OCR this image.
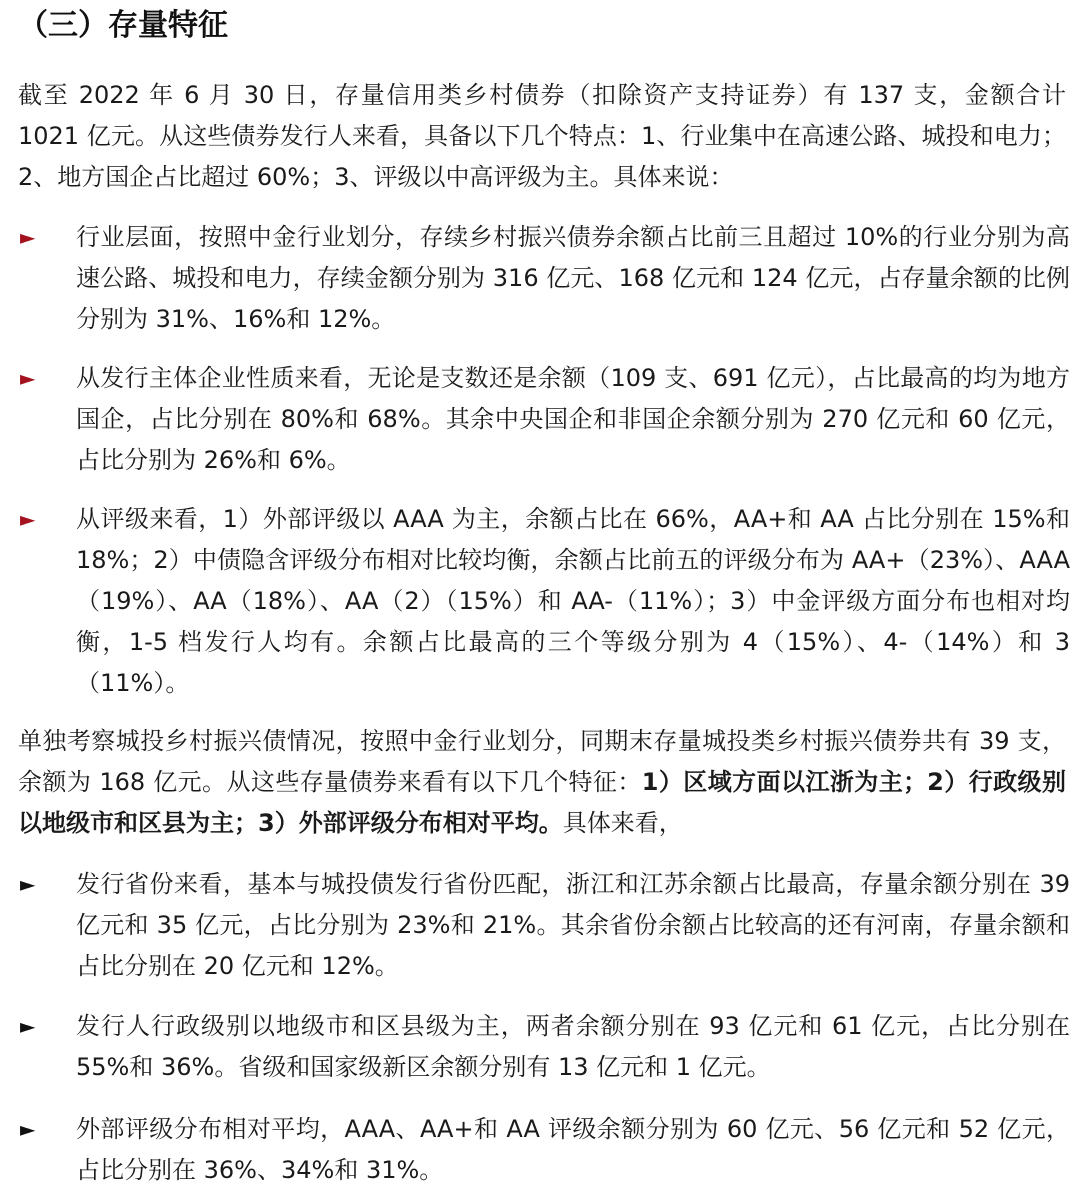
（三）存量特征
截至 2022 年 6 月 30 日，存量信用类乡村债券（扣除资产支持证券）有 137 支，金额合计 1021 亿元。从这些债券发行人来看，具备以下几个特点：1、行业集中在高速公路、城投和电力；2、地方国企占比超过 60%；3、评级以中高评级为主。具体来说：
► 行业层面，按照中金行业划分，存续乡村振兴债券余额占比前三且超过 10%的行业分别为高速公路、城投和电力，存续金额分别为 316 亿元、168 亿元和 124 亿元，占存量余额的比例分别为 31%、16%和 12%。
► 从发行主体企业性质来看，无论是支数还是余额（109 支、691 亿元），占比最高的均为地方国企，占比分别在 80%和 68%。其余中央国企和非国企余额分别为 270 亿元和 60 亿元，占比分别为 26%和 6%。
► 从评级来看，1）外部评级以 AAA 为主，余额占比在 66%，AA+和 AA 占比分别在 15%和 18%；2）中债隐含评级分布相对比较均衡，余额占比前五的评级分布为 AA+（23%）、AAA（19%）、AA（18%）、AA（2）（15%）和 AA-（11%）；3）中金评级方面分布也相对均衡，1-5 档发行人均有。余额占比最高的三个等级分别为 4（15%）、4-（14%）和 3（11%）。
单独考察城投乡村振兴债情况，按照中金行业划分，同期末存量城投类乡村振兴债券共有 39 支，余额为 168 亿元。从这些存量债券来看有以下几个特征：1）区域方面以江浙为主；2）行政级别以地级市和区县为主；3）外部评级分布相对平均。具体来看，
► 发行省份来看，基本与城投债发行省份匹配，浙江和江苏余额占比最高，存量余额分别在 39 亿元和 35 亿元，占比分别为 23%和 21%。其余省份余额占比较高的还有河南，存量余额和占比分别在 20 亿元和 12%。
► 发行人行政级别以地级市和区县级为主，两者余额分别在 93 亿元和 61 亿元，占比分别在 55%和 36%。省级和国家级新区余额分别有 13 亿元和 1 亿元。
► 外部评级分布相对平均，AAA、AA+和 AA 评级余额分别为 60 亿元、56 亿元和 52 亿元，占比分别在 36%、34%和 31%。
